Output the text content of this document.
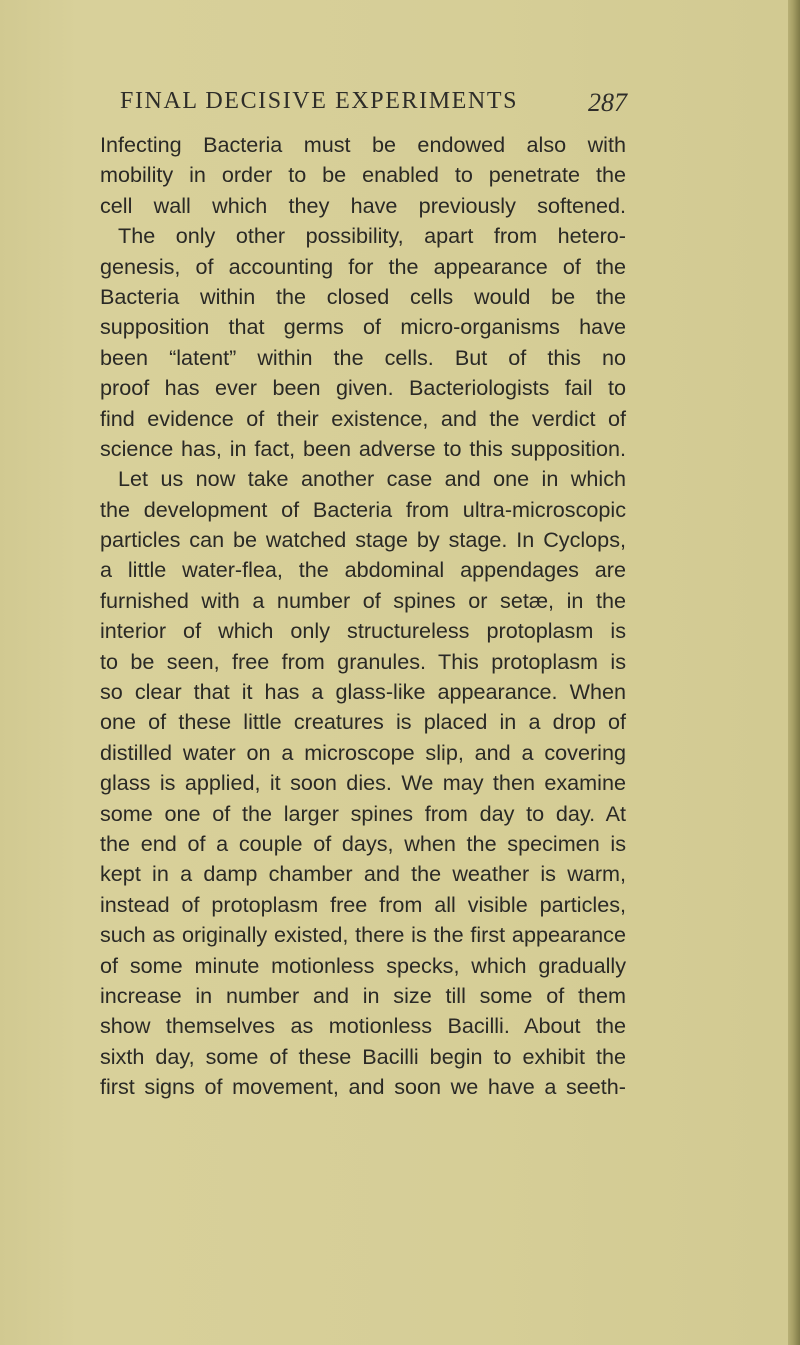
FINAL DECISIVE EXPERIMENTS	287
Infecting Bacteria must be endowed also with
mobility in order to be enabled to penetrate the
cell wall which they have previously softened.
The only other possibility, apart from hetero-
genesis, of accounting for the appearance of the
Bacteria within the closed cells would be the
supposition that germs of micro-organisms have
been “latent” within the cells. But of this no
proof has ever been given. Bacteriologists fail to
find evidence of their existence, and the verdict of
science has, in fact, been adverse to this supposition.
Let us now take another case and one in which
the development of Bacteria from ultra-microscopic
particles can be watched stage by stage. In Cyclops,
a little water-flea, the abdominal appendages are
furnished with a number of spines or setæ, in the
interior of which only structureless protoplasm is
to be seen, free from granules. This protoplasm is
so clear that it has a glass-like appearance. When
one of these little creatures is placed in a drop of
distilled water on a microscope slip, and a covering
glass is applied, it soon dies. We may then examine
some one of the larger spines from day to day. At
the end of a couple of days, when the specimen is
kept in a damp chamber and the weather is warm,
instead of protoplasm free from all visible particles,
such as originally existed, there is the first appearance
of some minute motionless specks, which gradually
increase in number and in size till some of them
show themselves as motionless Bacilli. About the
sixth day, some of these Bacilli begin to exhibit the
first signs of movement, and soon we have a seeth-
